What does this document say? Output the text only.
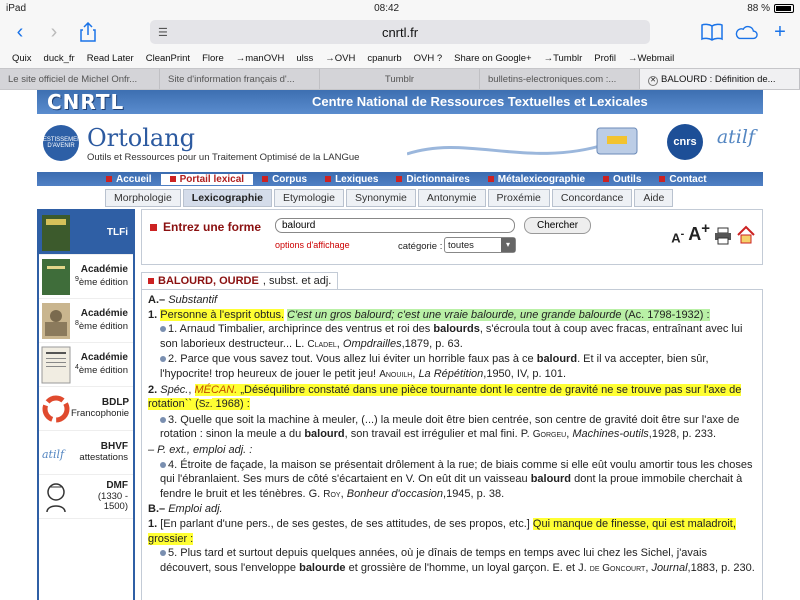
iPad	08:42	88 %
‹	›	☰	cnrtl.fr	+
Quix	duck_fr	Read Later	CleanPrint	Flore	→manOVH	ulss	→OVH	cpanurb	OVH ?	Share on Google+	→Tumblr	Profil	→Webmail
Le site officiel de Michel Onfr...	Site d'information français d'...	Tumblr	bulletins-electroniques.com :...	✕ BALOURD : Définition de...
CNRTL	Centre National de Ressources Textuelles et Lexicales
INVESTISSEMENTS D'AVENIR Ortolang
Outils et Ressources pour un Traitement Optimisé de la LANGue
cnrs	atilf
Accueil	Portail lexical	Corpus	Lexiques	Dictionnaires	Métalexicographie	Outils	Contact
Morphologie	Lexicographie	Etymologie	Synonymie	Antonymie	Proxémie	Concordance	Aide
TLFi
Académie
$^9$ème édition
Académie
$^8$ème édition
Académie
$^4$ème édition
BDLP
Francophonie
atilf
BHVF
attestations
DMF
(1330 - 1500)
Entrez une forme
balourd	Chercher
options d'affichage	catégorie : toutes	▾	A- A+
BALOURD, OURDE , subst. et adj.

A.– Substantif

1. Personne à l'esprit obtus. C'est un gros balourd; c'est une vraie balourde, une grande balourde (Ac. 1798-1932) :

1. Arnaud Timbalier, archiprince des ventrus et roi des balourds, s'écroula tout à coup avec fracas, entraînant avec lui son laborieux destructeur... L. Cladel, Ompdrailles,1879, p. 63.

2. Parce que vous savez tout. Vous allez lui éviter un horrible faux pas à ce balourd. Et il va accepter, bien sûr, l'hypocrite! trop heureux de jouer le petit jeu! Anouilh, La Répétition,1950, IV, p. 101.

2. Spéc., MÉCAN. „Déséquilibre constaté dans une pièce tournante dont le centre de gravité ne se trouve pas sur l'axe de rotation`` (Sz. 1968) :

3. Quelle que soit la machine à meuler, (...) la meule doit être bien centrée, son centre de gravité doit être sur l'axe de rotation : sinon la meule a du balourd, son travail est irrégulier et mal fini. P. Gorgeu, Machines-outils,1928, p. 233.

– P. ext., emploi adj. :

4. Étroite de façade, la maison se présentait drôlement à la rue; de biais comme si elle eût voulu amortir tous les choses qui l'ébranlaient. Ses murs de côté s'écartaient en V. On eût dit un vaisseau balourd dont la proue immobile cherchait à fendre le bruit et les ténèbres. G. Roy, Bonheur d'occasion,1945, p. 38.

B.– Emploi adj.

1. [En parlant d'une pers., de ses gestes, de ses attitudes, de ses propos, etc.] Qui manque de finesse, qui est maladroit, grossier :

5. Plus tard et surtout depuis quelques années, où je dînais de temps en temps avec lui chez les Sichel, j'avais découvert, sous l'enveloppe balourde et grossière de l'homme, un loyal garçon. E. et J. de Goncourt, Journal,1883, p. 230.
